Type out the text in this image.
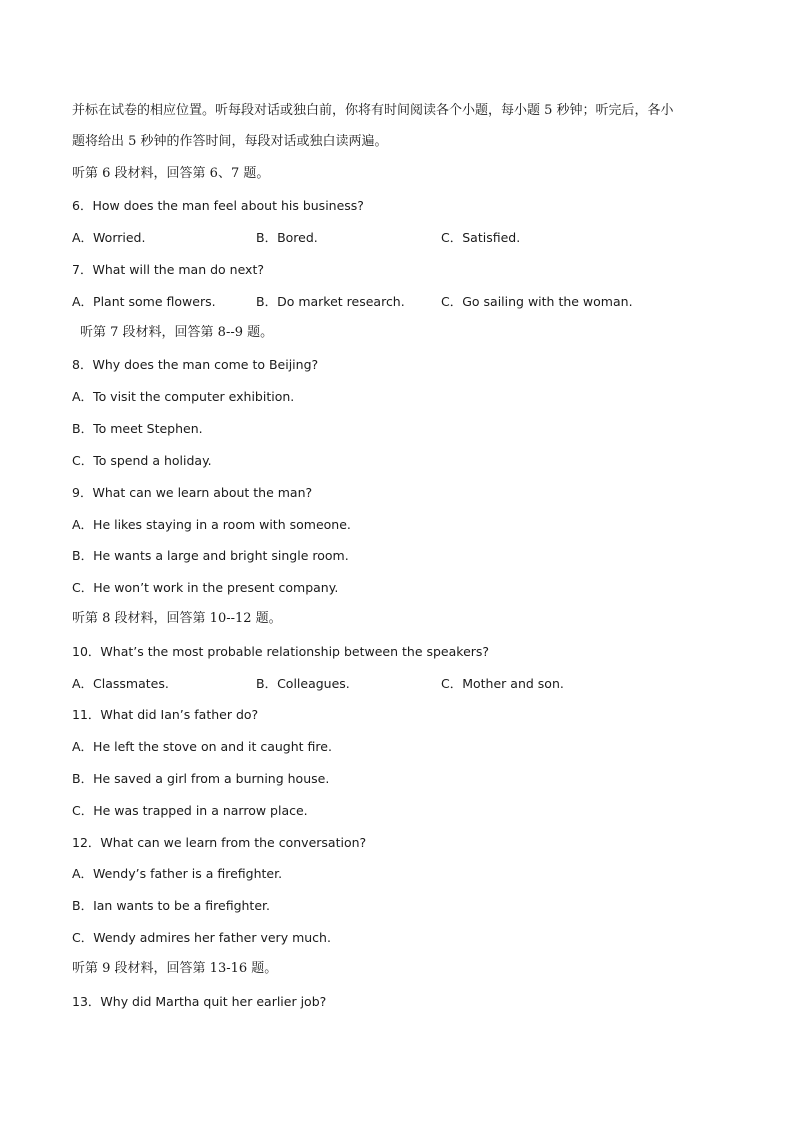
并标在试卷的相应位置。听每段对话或独白前，你将有时间阅读各个小题，每小题 5 秒钟；听完后，各小
题将给出 5 秒钟的作答时间，每段对话或独白读两遍。
听第 6 段材料，回答第 6、7 题。
6．How does the man feel about his business?
A．Worried.	B．Bored.	C．Satisfied.
7．What will the man do next?
A．Plant some flowers.	B．Do market research.	C．Go sailing with the woman.
听第 7 段材料，回答第 8--9 题。
8．Why does the man come to Beijing?
A．To visit the computer exhibition.
B．To meet Stephen.
C．To spend a holiday.
9．What can we learn about the man?
A．He likes staying in a room with someone.
B．He wants a large and bright single room.
C．He won’t work in the present company.
听第 8 段材料，回答第 10--12 题。
10．What’s the most probable relationship between the speakers?
A．Classmates.	B．Colleagues.	C．Mother and son.
11．What did Ian’s father do?
A．He left the stove on and it caught fire.
B．He saved a girl from a burning house.
C．He was trapped in a narrow place.
12．What can we learn from the conversation?
A．Wendy’s father is a firefighter.
B．Ian wants to be a firefighter.
C．Wendy admires her father very much.
听第 9 段材料，回答第 13-16 题。
13．Why did Martha quit her earlier job?
